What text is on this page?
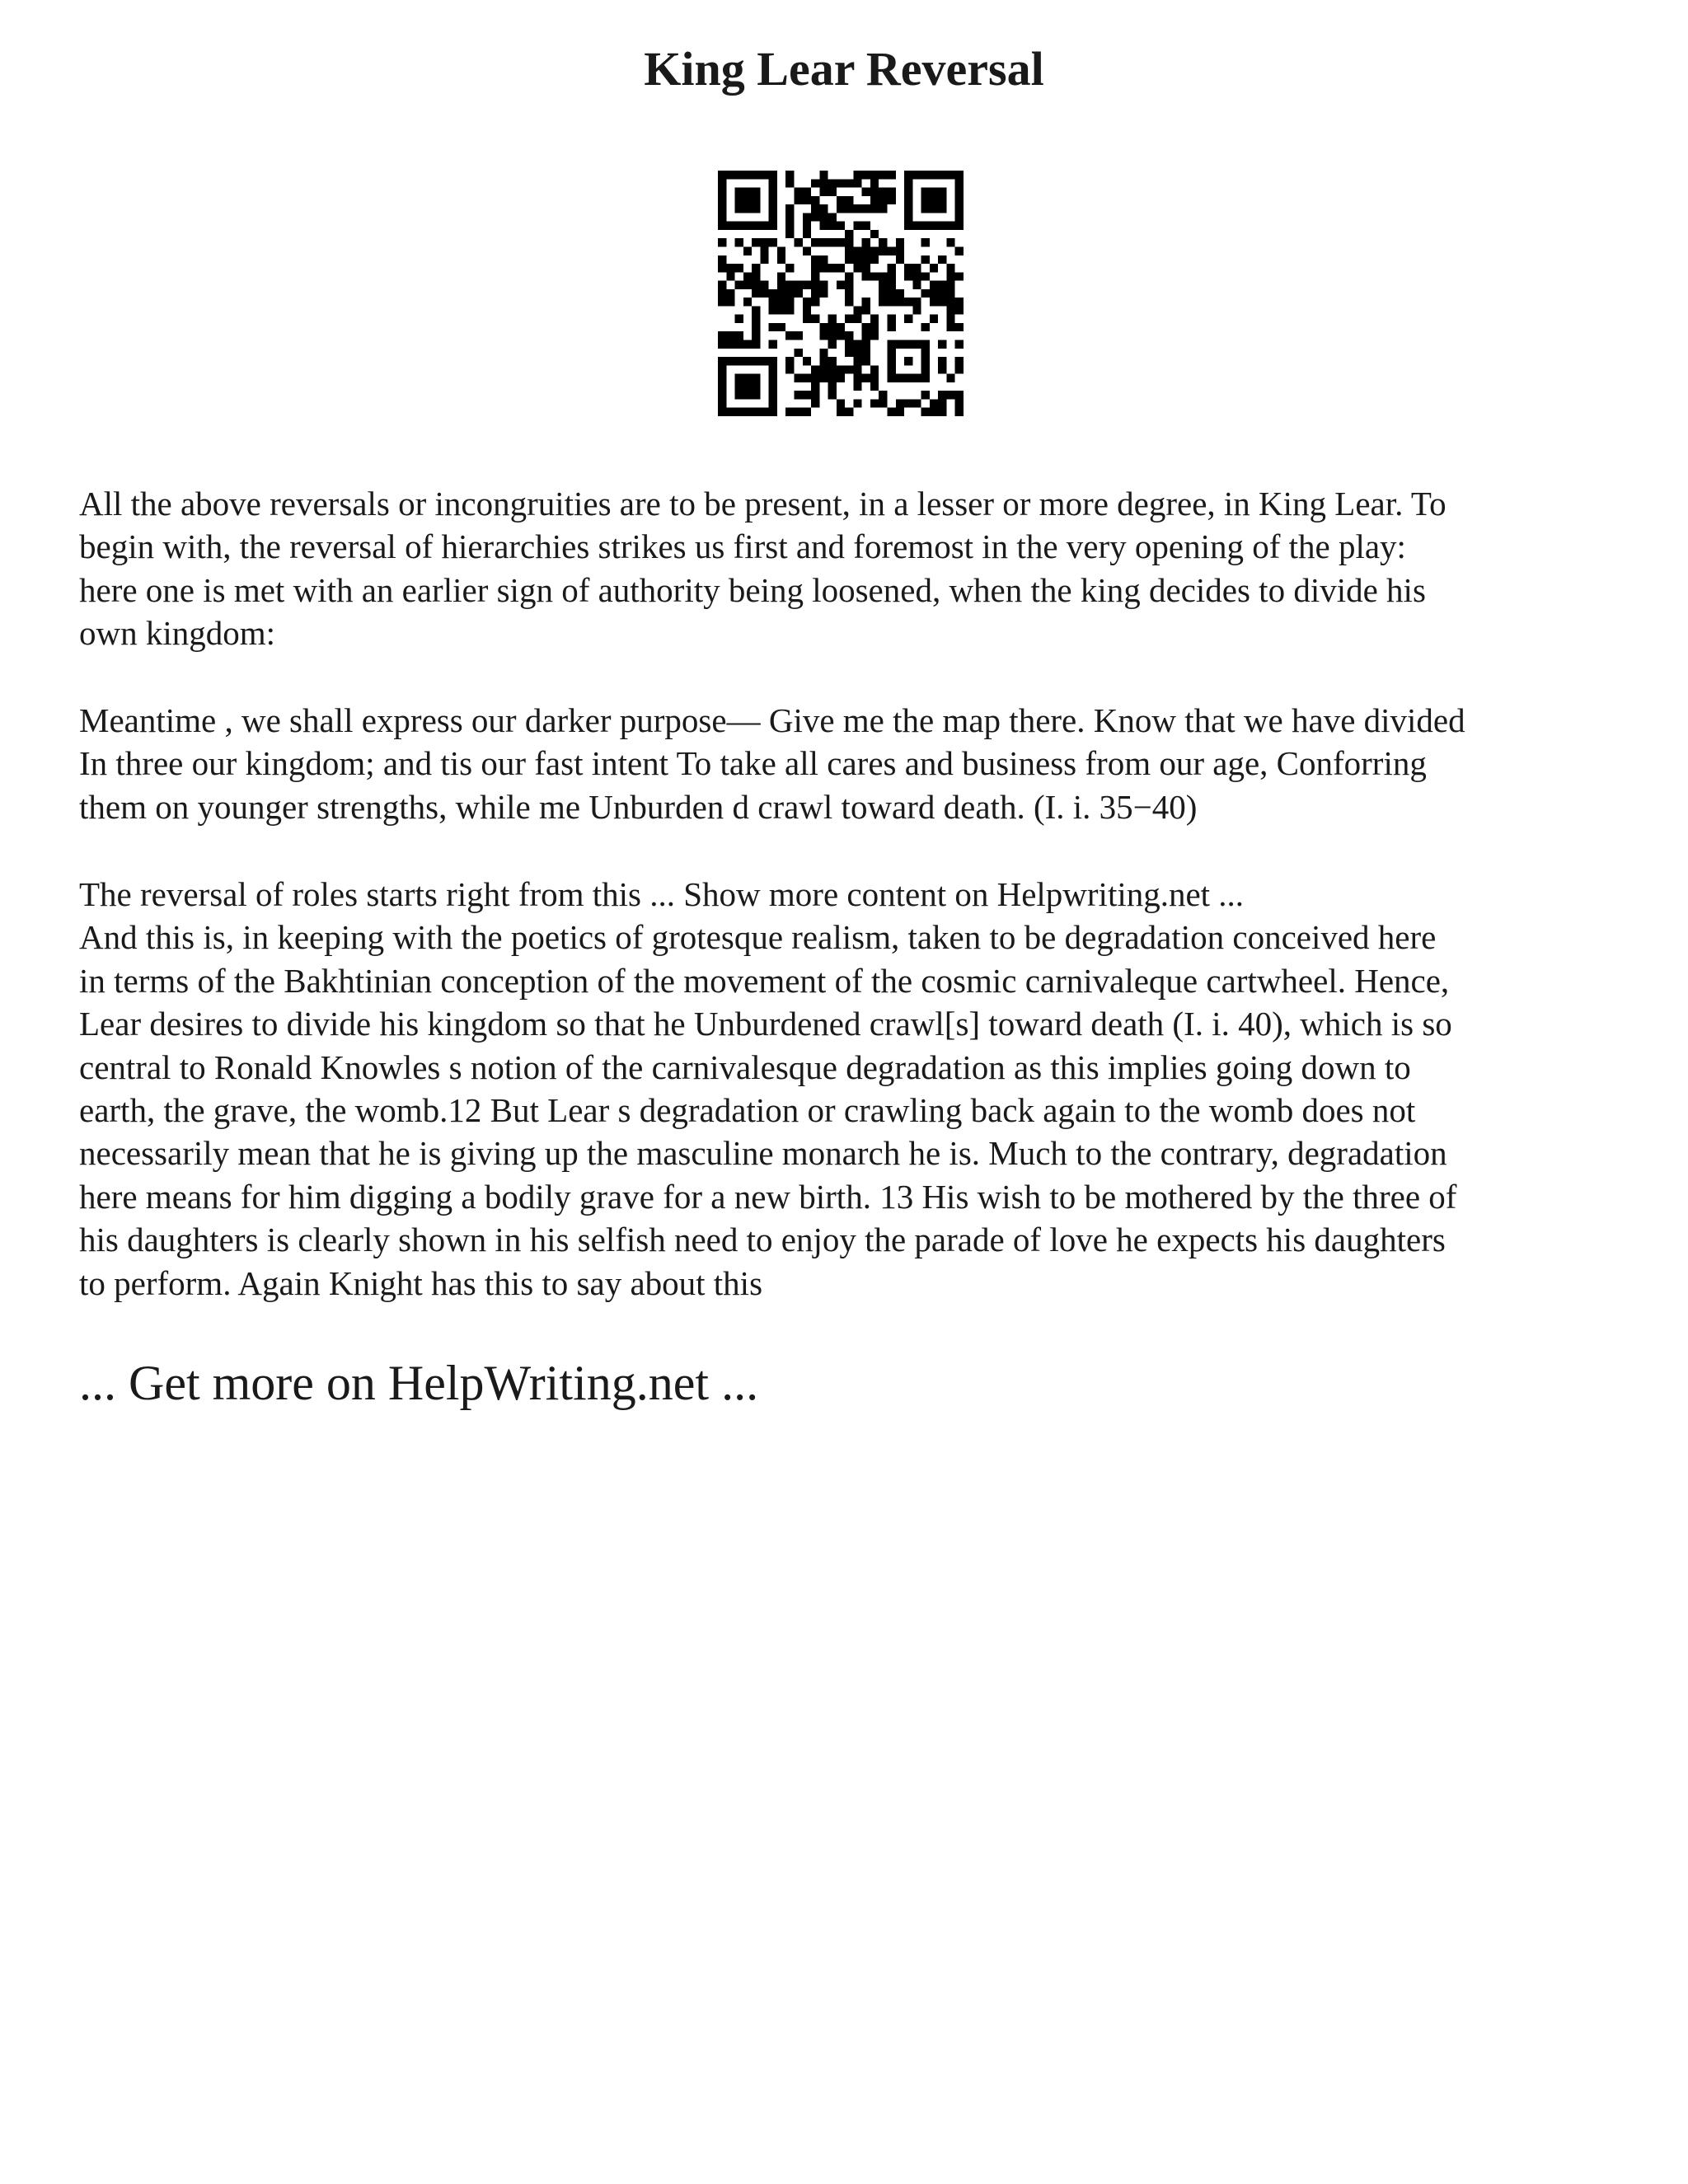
King Lear Reversal
All the above reversals or incongruities are to be present, in a lesser or more degree, in King Lear. To
begin with, the reversal of hierarchies strikes us first and foremost in the very opening of the play:
here one is met with an earlier sign of authority being loosened, when the king decides to divide his
own kingdom:
Meantime , we shall express our darker purpose— Give me the map there. Know that we have divided
In three our kingdom; and tis our fast intent To take all cares and business from our age, Conforring
them on younger strengths, while me Unburden d crawl toward death. (I. i. 35−40)
The reversal of roles starts right from this ... Show more content on Helpwriting.net ...
And this is, in keeping with the poetics of grotesque realism, taken to be degradation conceived here
in terms of the Bakhtinian conception of the movement of the cosmic carnivaleque cartwheel. Hence,
Lear desires to divide his kingdom so that he Unburdened crawl[s] toward death (I. i. 40), which is so
central to Ronald Knowles s notion of the carnivalesque degradation as this implies going down to
earth, the grave, the womb.12 But Lear s degradation or crawling back again to the womb does not
necessarily mean that he is giving up the masculine monarch he is. Much to the contrary, degradation
here means for him digging a bodily grave for a new birth. 13 His wish to be mothered by the three of
his daughters is clearly shown in his selfish need to enjoy the parade of love he expects his daughters
to perform. Again Knight has this to say about this

... Get more on HelpWriting.net ...
